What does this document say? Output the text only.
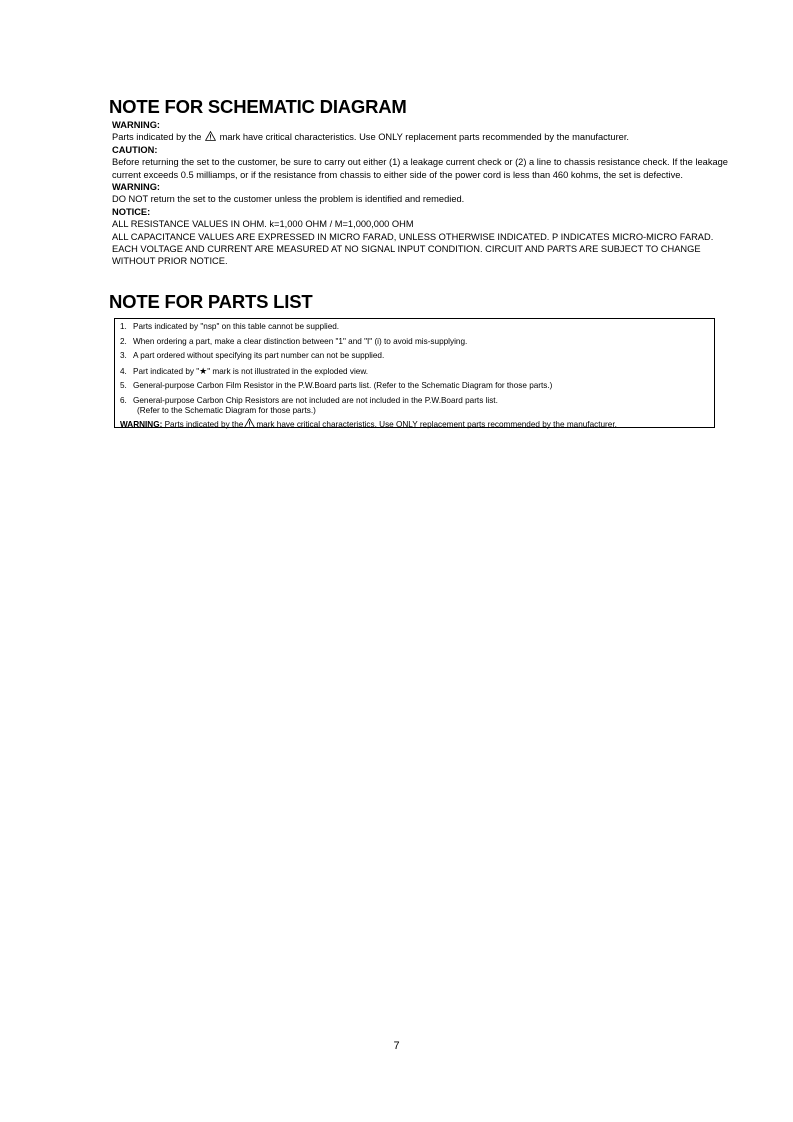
NOTE FOR SCHEMATIC DIAGRAM
WARNING:
Parts indicated by the mark have critical characteristics. Use ONLY replacement parts recommended by the manufacturer.
CAUTION:
Before returning the set to the customer, be sure to carry out either (1) a leakage current check or (2) a line to chassis resistance check. If the leakage current exceeds 0.5 milliamps, or if the resistance from chassis to either side of the power cord is less than 460 kohms, the set is defective.
WARNING:
DO NOT return the set to the customer unless the problem is identified and remedied.
NOTICE:
ALL RESISTANCE VALUES IN OHM. k=1,000 OHM / M=1,000,000 OHM
ALL CAPACITANCE VALUES ARE EXPRESSED IN MICRO FARAD, UNLESS OTHERWISE INDICATED. P INDICATES MICRO-MICRO FARAD. EACH VOLTAGE AND CURRENT ARE MEASURED AT NO SIGNAL INPUT CONDITION. CIRCUIT AND PARTS ARE SUBJECT TO CHANGE WITHOUT PRIOR NOTICE.
NOTE FOR PARTS LIST
1. Parts indicated by "nsp" on this table cannot be supplied.
2. When ordering a part, make a clear distinction between "1" and "I" (i) to avoid mis-supplying.
3. A part ordered without specifying its part number can not be supplied.
4. Part indicated by "★" mark is not illustrated in the exploded view.
5. General-purpose Carbon Film Resistor in the P.W.Board parts list. (Refer to the Schematic Diagram for those parts.)
6. General-purpose Carbon Chip Resistors are not included are not included in the P.W.Board parts list.
(Refer to the Schematic Diagram for those parts.)
WARNING: Parts indicated by the mark have critical characteristics. Use ONLY replacement parts recommended by the manufacturer.
7
